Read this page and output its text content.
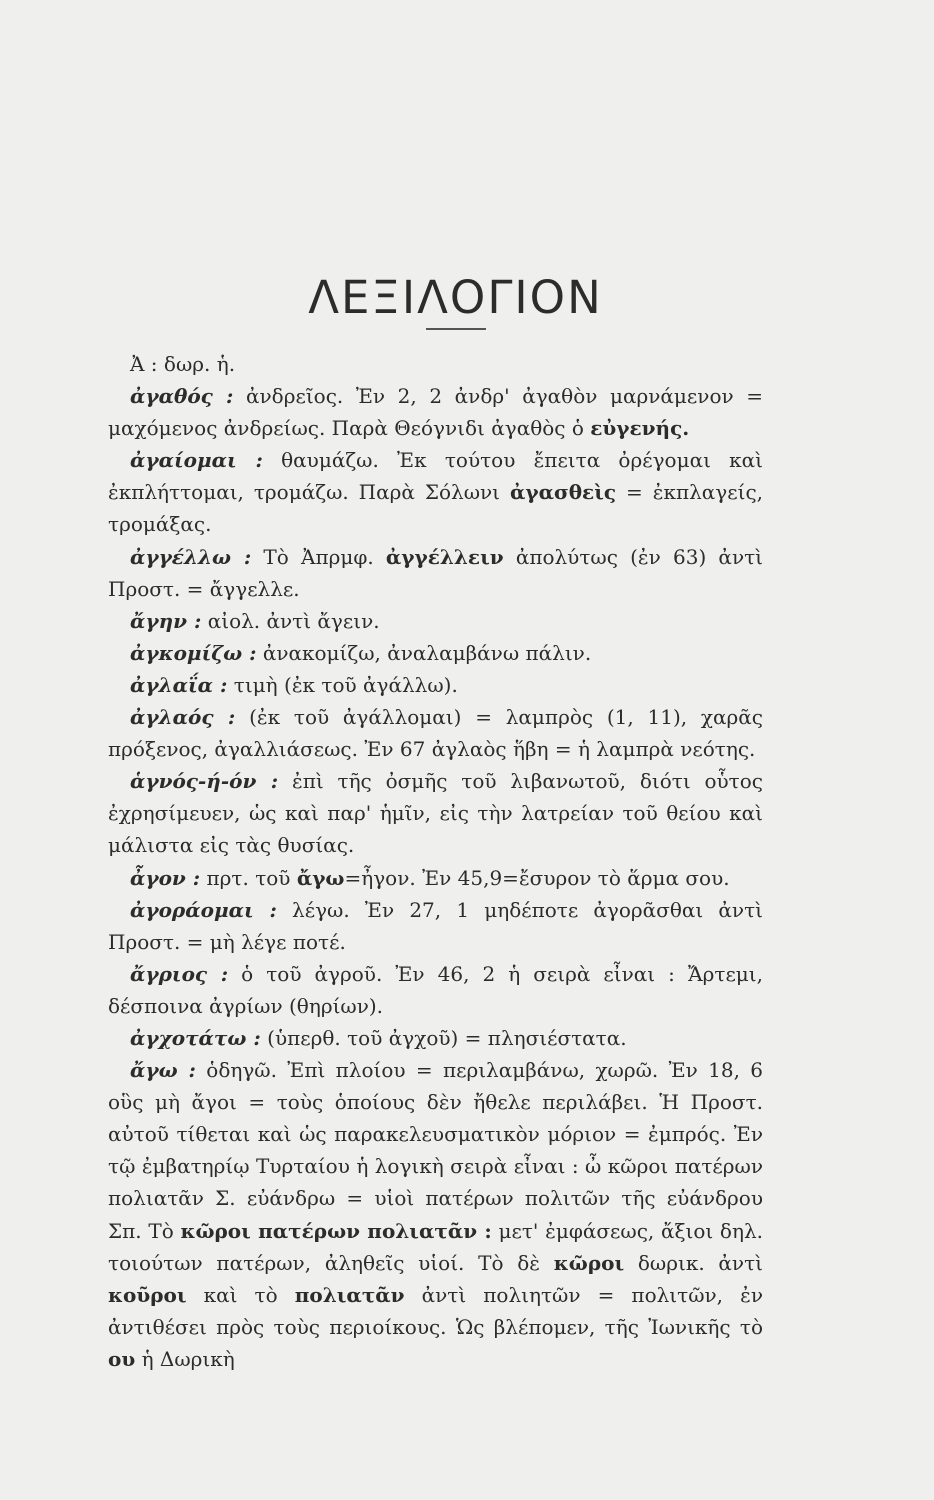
ΛΕΞΙΛΟΓΙΟΝ

Ἀ : δωρ. ἡ.

ἀγαθός : ἀνδρεῖος. Ἐν 2, 2 ἀνδρ' ἀγαθὸν μαρνάμενον = μαχόμενος ἀνδρείως. Παρὰ Θεόγνιδι ἀγαθὸς ὁ εὐγενής.

ἀγαίομαι : θαυμάζω. Ἐκ τούτου ἔπειτα ὀρέγομαι καὶ ἐκπλήττομαι, τρομάζω. Παρὰ Σόλωνι ἀγασθεὶς = ἐκπλαγείς, τρομάξας.

ἀγγέλλω : Τὸ Ἀπρμφ. ἀγγέλλειν ἀπολύτως (ἐν 63) ἀντὶ Προστ. = ἄγγελλε.

ἄγην : αἰολ. ἀντὶ ἄγειν.

ἀγκομίζω : ἀνακομίζω, ἀναλαμβάνω πάλιν.

ἀγλαΐα : τιμὴ (ἐκ τοῦ ἀγάλλω).

ἀγλαός : (ἐκ τοῦ ἀγάλλομαι) = λαμπρὸς (1, 11), χαρᾶς πρόξενος, ἀγαλλιάσεως. Ἐν 67 ἀγλαὸς ἥβη = ἡ λαμπρὰ νεότης.

ἁγνός-ή-όν : ἐπὶ τῆς ὀσμῆς τοῦ λιβανωτοῦ, διότι οὗτος ἐχρησίμευεν, ὡς καὶ παρ' ἡμῖν, εἰς τὴν λατρείαν τοῦ θείου καὶ μάλιστα εἰς τὰς θυσίας.

ἆγον : πρτ. τοῦ ἄγω=ἦγον. Ἐν 45,9=ἔσυρον τὸ ἅρμα σου.

ἀγοράομαι : λέγω. Ἐν 27, 1 μηδέποτε ἀγορᾶσθαι ἀντὶ Προστ. = μὴ λέγε ποτέ.

ἄγριος : ὁ τοῦ ἀγροῦ. Ἐν 46, 2 ἡ σειρὰ εἶναι : Ἄρτεμι, δέσποινα ἀγρίων (θηρίων).

ἀγχοτάτω : (ὑπερθ. τοῦ ἀγχοῦ) = πλησιέστατα.

ἄγω : ὁδηγῶ. Ἐπὶ πλοίου = περιλαμβάνω, χωρῶ. Ἐν 18, 6 οὓς μὴ ἄγοι = τοὺς ὁποίους δὲν ἤθελε περιλάβει. Ἡ Προστ. αὐτοῦ τίθεται καὶ ὡς παρακελευσματικὸν μόριον = ἐμπρός. Ἐν τῷ ἐμβατηρίῳ Τυρταίου ἡ λογικὴ σειρὰ εἶναι : ὦ κῶροι πατέρων πολιατᾶν Σ. εὐάνδρω = υἱοὶ πατέρων πολιτῶν τῆς εὐάνδρου Σπ. Τὸ κῶροι πατέρων πολιατᾶν : μετ' ἐμφάσεως, ἄξιοι δηλ. τοιούτων πατέρων, ἀληθεῖς υἱοί. Τὸ δὲ κῶροι δωρικ. ἀντὶ κοῦροι καὶ τὸ πολιατᾶν ἀντὶ πολιητῶν = πολιτῶν, ἐν ἀντιθέσει πρὸς τοὺς περιοίκους. Ὡς βλέπομεν, τῆς Ἰωνικῆς τὸ ου ἡ Δωρικὴ
